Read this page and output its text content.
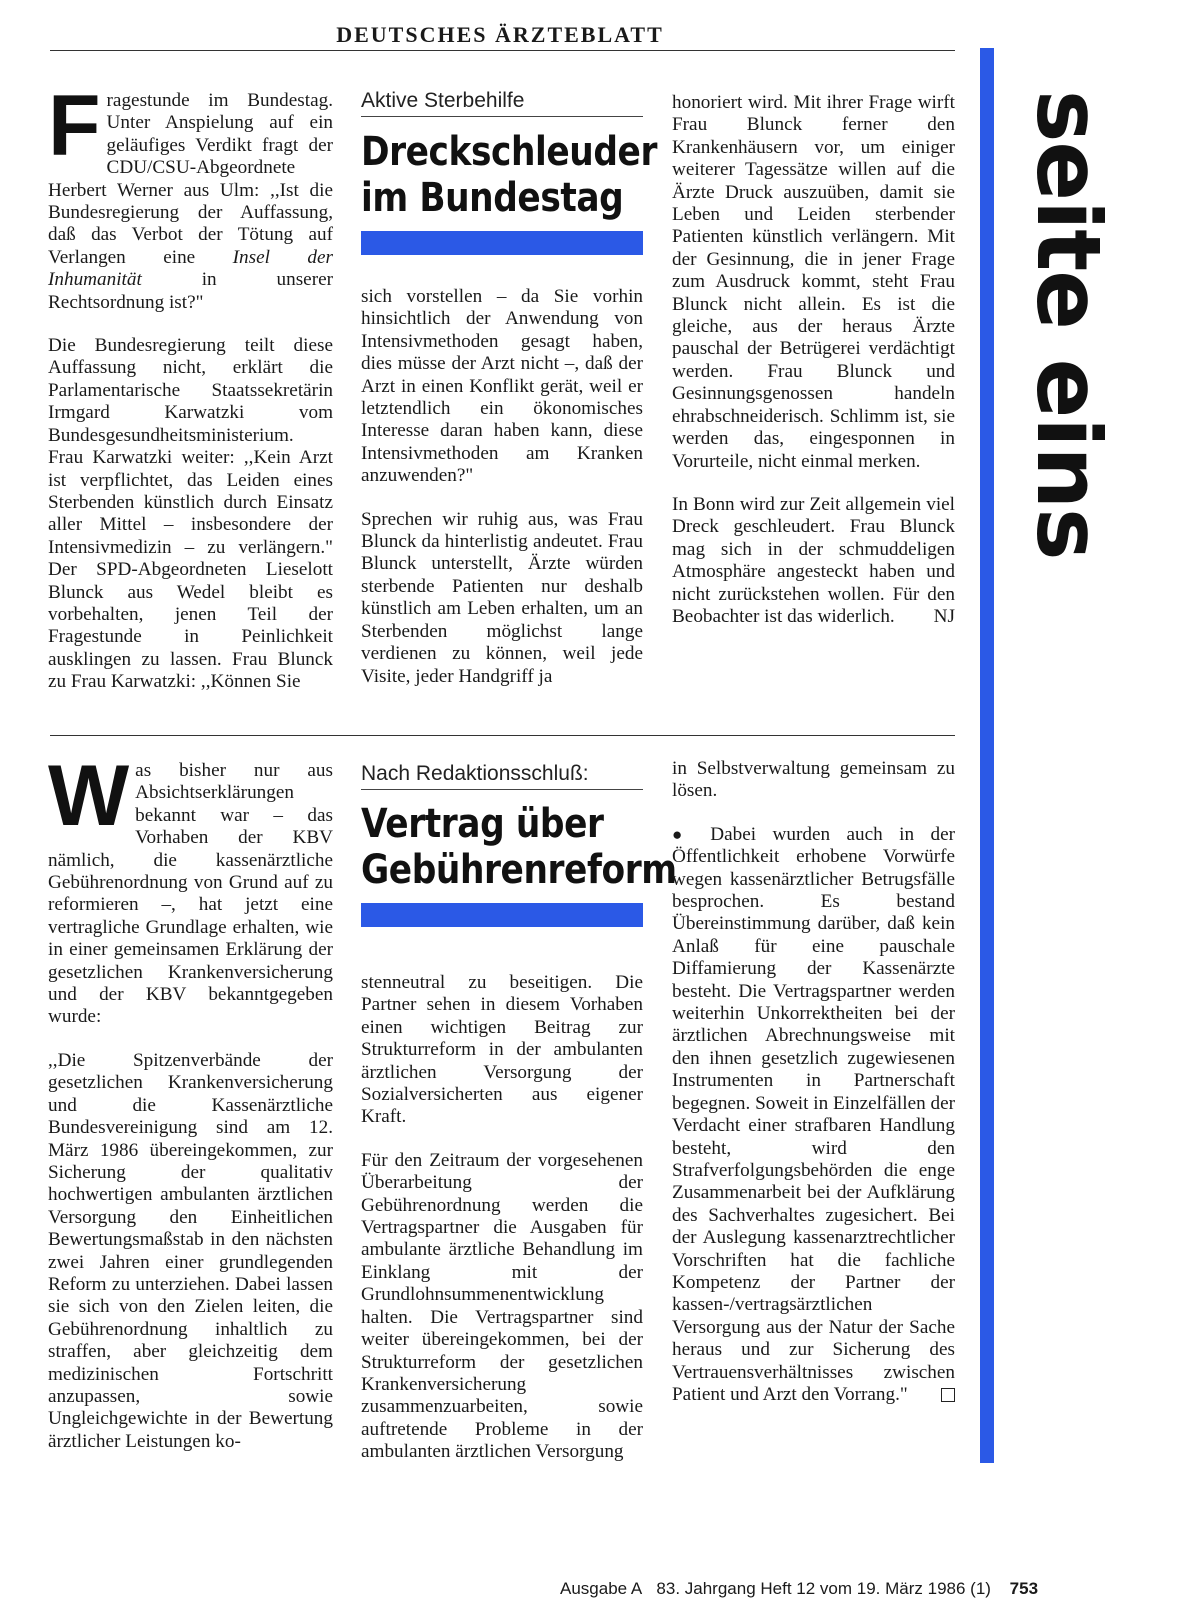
DEUTSCHES ÄRZTEBLATT
seite eins

Fragestunde im Bundestag. Unter Anspielung auf ein geläufiges Verdikt fragt der CDU/CSU-Abgeordnete Herbert Werner aus Ulm: ,,Ist die Bundesregierung der Auffassung, daß das Verbot der Tötung auf Verlangen eine Insel der Inhumanität in unserer Rechtsordnung ist?"

Die Bundesregierung teilt diese Auffassung nicht, erklärt die Parlamentarische Staatssekretärin Irmgard Karwatzki vom Bundesgesundheitsministerium. Frau Karwatzki weiter: ,,Kein Arzt ist verpflichtet, das Leiden eines Sterbenden künstlich durch Einsatz aller Mittel – insbesondere der Intensivmedizin – zu verlängern." Der SPD-Abgeordneten Lieselott Blunck aus Wedel bleibt es vorbehalten, jenen Teil der Fragestunde in Peinlichkeit ausklingen zu lassen. Frau Blunck zu Frau Karwatzki: ,,Können Sie

Aktive Sterbehilfe
Dreckschleuder
im Bundestag

sich vorstellen – da Sie vorhin hinsichtlich der Anwendung von Intensivmethoden gesagt haben, dies müsse der Arzt nicht –, daß der Arzt in einen Konflikt gerät, weil er letztendlich ein ökonomisches Interesse daran haben kann, diese Intensivmethoden am Kranken anzuwenden?"

Sprechen wir ruhig aus, was Frau Blunck da hinterlistig andeutet. Frau Blunck unterstellt, Ärzte würden sterbende Patienten nur deshalb künstlich am Leben erhalten, um an Sterbenden möglichst lange verdienen zu können, weil jede Visite, jeder Handgriff ja

honoriert wird. Mit ihrer Frage wirft Frau Blunck ferner den Krankenhäusern vor, um einiger weiterer Tagessätze willen auf die Ärzte Druck auszuüben, damit sie Leben und Leiden sterbender Patienten künstlich verlängern. Mit der Gesinnung, die in jener Frage zum Ausdruck kommt, steht Frau Blunck nicht allein. Es ist die gleiche, aus der heraus Ärzte pauschal der Betrügerei verdächtigt werden. Frau Blunck und Gesinnungsgenossen handeln ehrabschneiderisch. Schlimm ist, sie werden das, eingesponnen in Vorurteile, nicht einmal merken.

In Bonn wird zur Zeit allgemein viel Dreck geschleudert. Frau Blunck mag sich in der schmuddeligen Atmosphäre angesteckt haben und nicht zurückstehen wollen. Für den Beobachter ist das widerlich. NJ

Was bisher nur aus Absichtserklärungen bekannt war – das Vorhaben der KBV nämlich, die kassenärztliche Gebührenordnung von Grund auf zu reformieren –, hat jetzt eine vertragliche Grundlage erhalten, wie in einer gemeinsamen Erklärung der gesetzlichen Krankenversicherung und der KBV bekanntgegeben wurde:

,,Die Spitzenverbände der gesetzlichen Krankenversicherung und die Kassenärztliche Bundesvereinigung sind am 12. März 1986 übereingekommen, zur Sicherung der qualitativ hochwertigen ambulanten ärztlichen Versorgung den Einheitlichen Bewertungsmaßstab in den nächsten zwei Jahren einer grundlegenden Reform zu unterziehen. Dabei lassen sie sich von den Zielen leiten, die Gebührenordnung inhaltlich zu straffen, aber gleichzeitig dem medizinischen Fortschritt anzupassen, sowie Ungleichgewichte in der Bewertung ärztlicher Leistungen ko-

Nach Redaktionsschluß:
Vertrag über
Gebührenreform

stenneutral zu beseitigen. Die Partner sehen in diesem Vorhaben einen wichtigen Beitrag zur Strukturreform in der ambulanten ärztlichen Versorgung der Sozialversicherten aus eigener Kraft.

Für den Zeitraum der vorgesehenen Überarbeitung der Gebührenordnung werden die Vertragspartner die Ausgaben für ambulante ärztliche Behandlung im Einklang mit der Grundlohnsummenentwicklung halten. Die Vertragspartner sind weiter übereingekommen, bei der Strukturreform der gesetzlichen Krankenversicherung zusammenzuarbeiten, sowie auftretende Probleme in der ambulanten ärztlichen Versorgung

in Selbstverwaltung gemeinsam zu lösen.

● Dabei wurden auch in der Öffentlichkeit erhobene Vorwürfe wegen kassenärztlicher Betrugsfälle besprochen. Es bestand Übereinstimmung darüber, daß kein Anlaß für eine pauschale Diffamierung der Kassenärzte besteht. Die Vertragspartner werden weiterhin Unkorrektheiten bei der ärztlichen Abrechnungsweise mit den ihnen gesetzlich zugewiesenen Instrumenten in Partnerschaft begegnen. Soweit in Einzelfällen der Verdacht einer strafbaren Handlung besteht, wird den Strafverfolgungsbehörden die enge Zusammenarbeit bei der Aufklärung des Sachverhaltes zugesichert. Bei der Auslegung kassenarztrechtlicher Vorschriften hat die fachliche Kompetenz der Partner der kassen-/vertragsärztlichen Versorgung aus der Natur der Sache heraus und zur Sicherung des Vertrauensverhältnisses zwischen Patient und Arzt den Vorrang."

Ausgabe A 83. Jahrgang Heft 12 vom 19. März 1986 (1) 753
